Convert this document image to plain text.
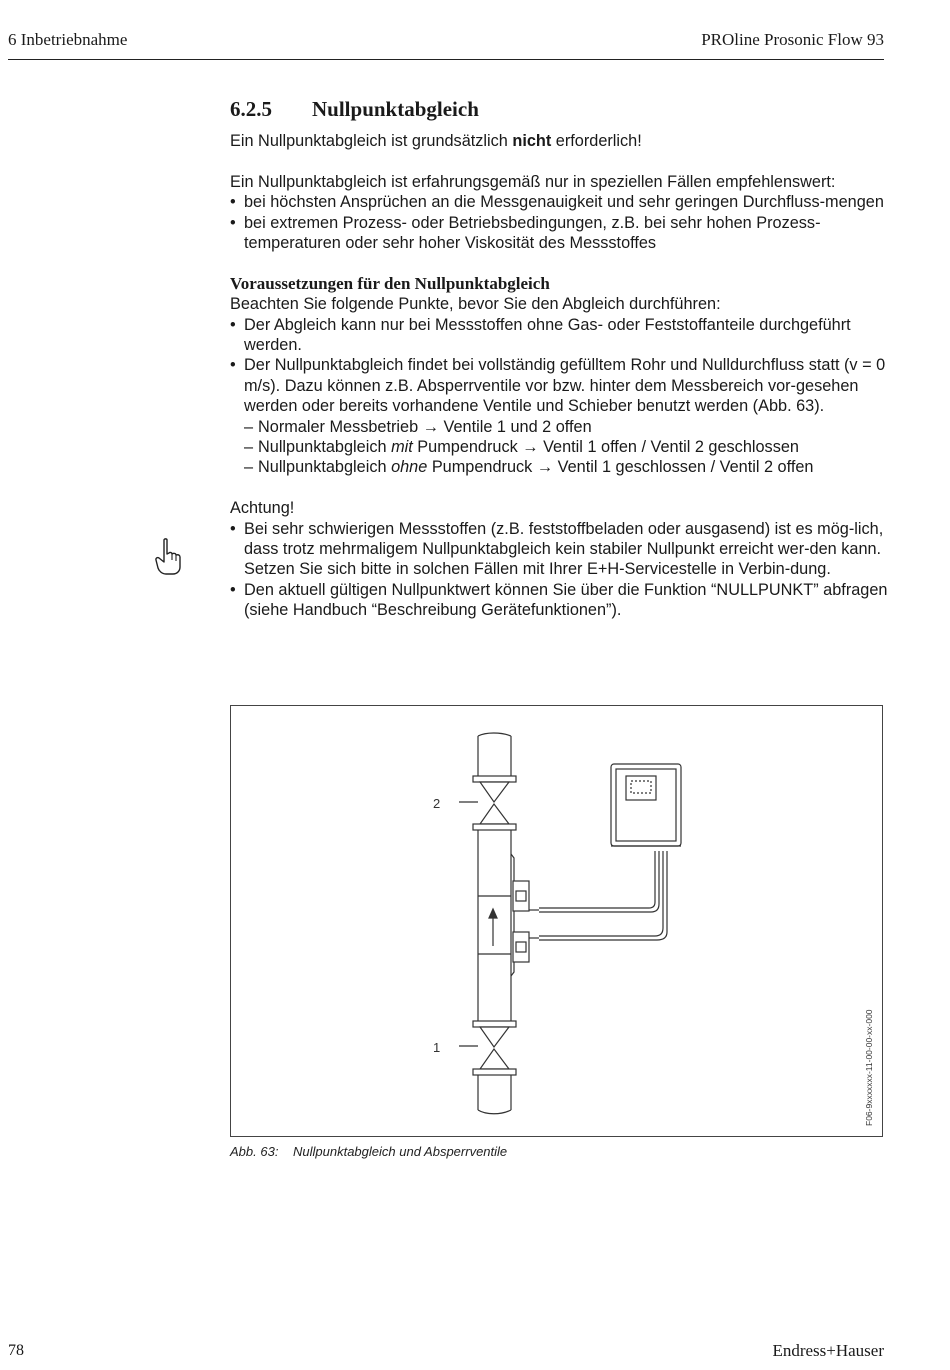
6 Inbetriebnahme	PROline Prosonic Flow 93
6.2.5 Nullpunktabgleich

Ein Nullpunktabgleich ist grundsätzlich nicht erforderlich!

Ein Nullpunktabgleich ist erfahrungsgemäß nur in speziellen Fällen empfehlenswert:

• bei höchsten Ansprüchen an die Messgenauigkeit und sehr geringen Durchfluss-mengen
• bei extremen Prozess- oder Betriebsbedingungen, z.B. bei sehr hohen Prozess-temperaturen oder sehr hoher Viskosität des Messstoffes

Voraussetzungen für den Nullpunktabgleich

Beachten Sie folgende Punkte, bevor Sie den Abgleich durchführen:

• Der Abgleich kann nur bei Messstoffen ohne Gas- oder Feststoffanteile durchgeführt werden.
• Der Nullpunktabgleich findet bei vollständig gefülltem Rohr und Nulldurchfluss statt (v = 0 m/s). Dazu können z.B. Absperrventile vor bzw. hinter dem Messbereich vor-gesehen werden oder bereits vorhandene Ventile und Schieber benutzt werden (Abb. 63).
– Normaler Messbetrieb → Ventile 1 und 2 offen
– Nullpunktabgleich mit Pumpendruck → Ventil 1 offen / Ventil 2 geschlossen
– Nullpunktabgleich ohne Pumpendruck → Ventil 1 geschlossen / Ventil 2 offen

Achtung!

• Bei sehr schwierigen Messstoffen (z.B. feststoffbeladen oder ausgasend) ist es mög-lich, dass trotz mehrmaligem Nullpunktabgleich kein stabiler Nullpunkt erreicht wer-den kann. Setzen Sie sich bitte in solchen Fällen mit Ihrer E+H-Servicestelle in Verbin-dung.
• Den aktuell gültigen Nullpunktwert können Sie über die Funktion “NULLPUNKT” abfragen (siehe Handbuch “Beschreibung Gerätefunktionen”).
2
1	F06-9xxxxxxx-11-00-00-xx-000
Abb. 63: Nullpunktabgleich und Absperrventile
78	Endress+Hauser
